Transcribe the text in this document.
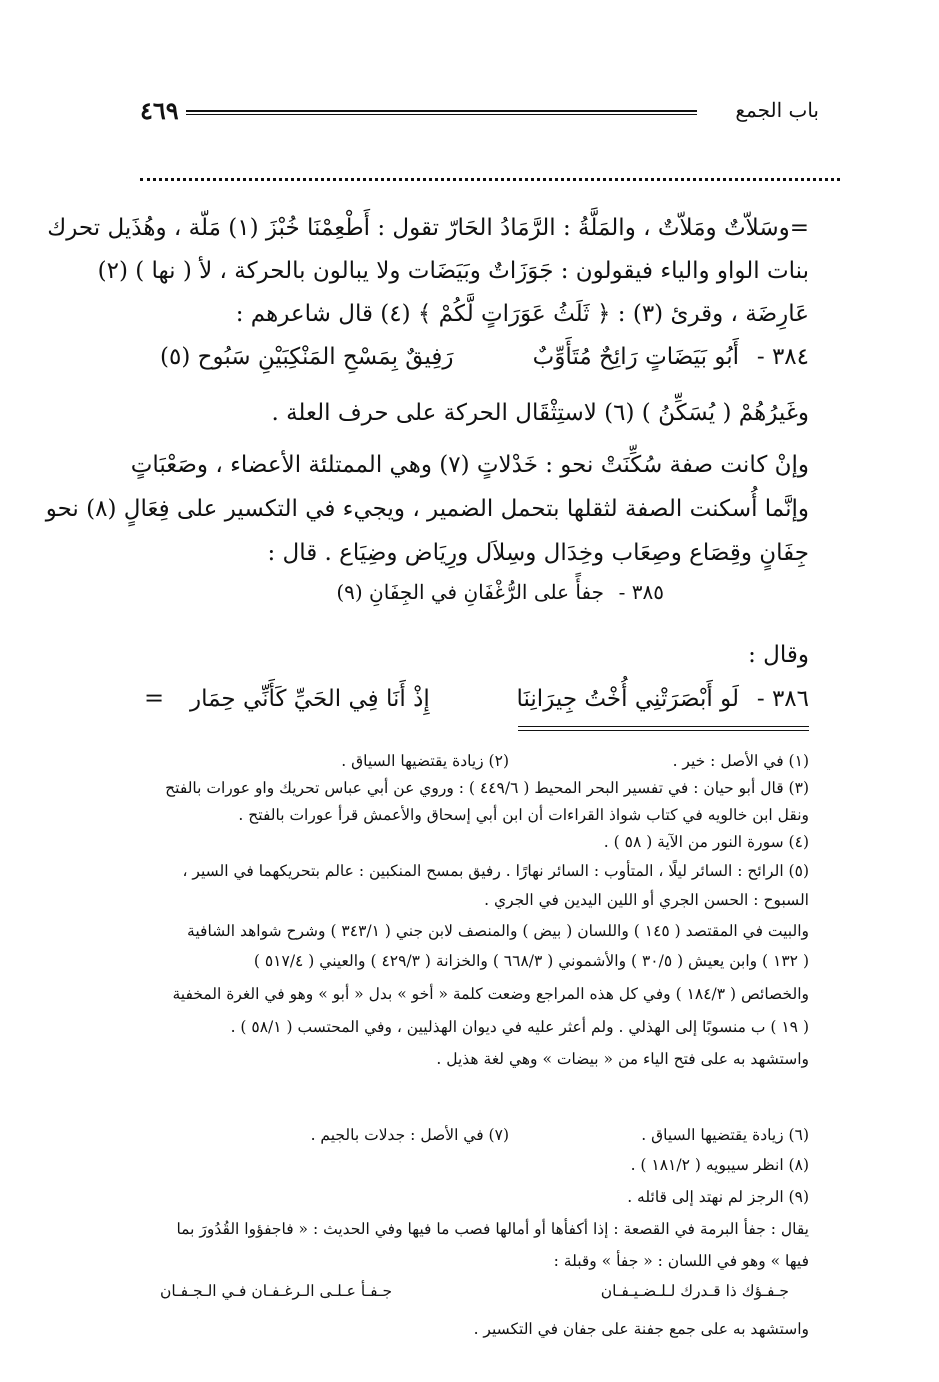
٤٦٩	باب الجمع
=وسَلاّتٌ ومَلاّتٌ ، والمَلَّةُ : الرَّمَادُ الحَارّ تقول : أَطْعِمْنَا خُبْزَ (١) مَلّة ، وهُذَيل تحرك
بنات الواو والياء فيقولون : جَوَزَاتٌ وبَيَضَات ولا يبالون بالحركة ، لأ ( نها ) (٢)
عَارِضَة ، وقرئ (٣) : ﴿ ثَلَثُ عَوَرَاتٍ لَّكُمْ ﴾ (٤) قال شاعرهم :
٣٨٤ -
أَبُو بَيَضَاتٍ رَائِحٌ مُتَأَوِّبٌ
رَفِيقٌ بِمَسْحِ المَنْكِبَيْنِ سَبُوح (٥)
وغَيرُهُمْ ( يُسَكِّنُ ) (٦) لاستِثْقَال الحركة على حرف العلة .
وإنْ كانت صفة سُكِّنَتْ نحو : خَدْلاتٍ (٧) وهي الممتلئة الأعضاء ، وصَعْبَاتٍ
وإنَّما أُسكنت الصفة لثقلها بتحمل الضمير ، ويجيء في التكسير على فِعَالٍ (٨) نحو
جِفَانٍ وقِصَاع وصِعَاب وخِدَال وسِلاَل ورِيَاض وضِيَاع . قال :
٣٨٥ -
جفأً على الرُّغْفَانِ في الجِفَانِ (٩)
وقال :
٣٨٦ -
لَو أَبْصَرَتْنِي أُخْتُ جِيرَانِنَا
إِذْ أَنَا فِي الحَيِّ كَأَنِّي حِمَار
=
(١) في الأصل : خير .
(٢) زيادة يقتضيها السياق .
(٣) قال أبو حيان : في تفسير البحر المحيط ( ٤٤٩/٦ ) : وروي عن أبي عباس تحريك واو عورات بالفتح
ونقل ابن خالويه في كتاب شواذ القراءات أن ابن أبي إسحاق والأعمش قرأ عورات بالفتح .
(٤) سورة النور من الآية ( ٥٨ ) .
(٥) الرائح : السائر ليلًا ، المتأوب : السائر نهارًا . رفيق بمسح المنكبين : عالم بتحريكهما في السير ،
السبوح : الحسن الجري أو اللين اليدين في الجري .
والبيت في المقتصد ( ١٤٥ ) واللسان ( بيض ) والمنصف لابن جني ( ٣٤٣/١ ) وشرح شواهد الشافية
( ١٣٢ ) وابن يعيش ( ٣٠/٥ ) والأشموني ( ٦٦٨/٣ ) والخزانة ( ٤٢٩/٣ ) والعيني ( ٥١٧/٤ )
والخصائص ( ١٨٤/٣ ) وفي كل هذه المراجع وضعت كلمة « أخو » بدل « أبو » وهو في الغرة المخفية
( ١٩ ) ب منسوبًا إلى الهذلي . ولم أعثر عليه في ديوان الهذليين ، وفي المحتسب ( ٥٨/١ ) .
واستشهد به على فتح الياء من « بيضات » وهي لغة هذيل .
(٦) زيادة يقتضيها السياق .
(٧) في الأصل : جدلات بالجيم .
(٨) انظر سيبويه ( ١٨١/٢ ) .
(٩) الرجز لم نهتد إلى قائله .
يقال : جفأ البرمة في القصعة : إذا أكفأها أو أمالها فصب ما فيها وفي الحديث : « فاجفؤوا القُدُورَ بما
فيها » وهو في اللسان : « جفأ » وقبلة :
جـفـؤك ذا قـدرك لـلـضـيـفـان
جـفـأ عـلـى الـرغـفـان فـي الـجـفـان
واستشهد به على جمع جفنة على جفان في التكسير .
